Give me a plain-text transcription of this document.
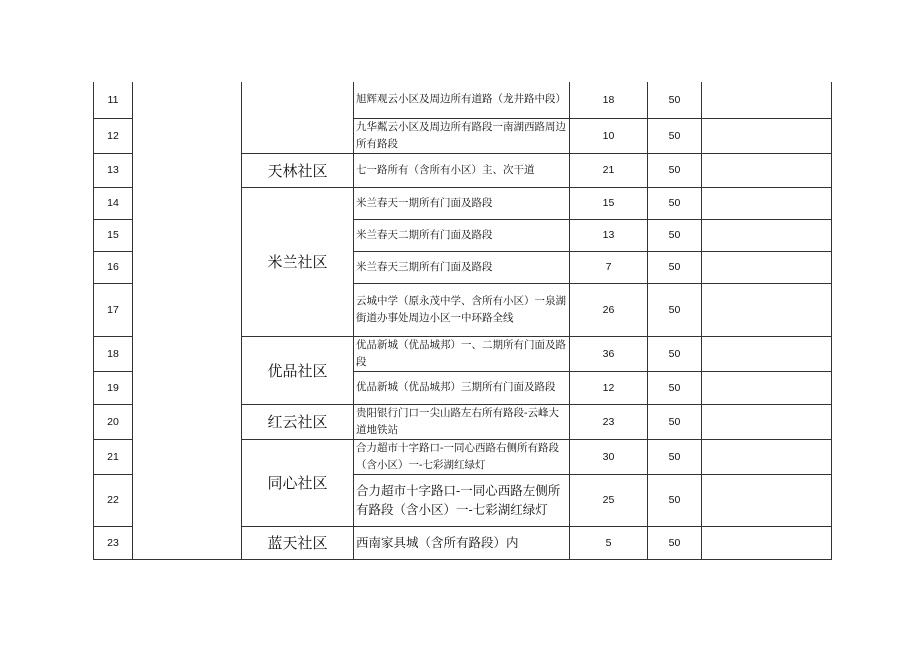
11			旭辉观云小区及周边所有道路（龙井路中段）	18	50	
12			九华粼云小区及周边所有路段一南湖西路周边所有路段	10	50	
13		天林社区	七一路所有（含所有小区）主、次干道	21	50	
14		米兰社区	米兰春天一期所有门面及路段	15	50	
15			米兰春天二期所有门面及路段	13	50	
16			米兰春天三期所有门面及路段	7	50	
17			云城中学（原永茂中学、含所有小区）一泉湖街道办事处周边小区一中环路全线	26	50	
18		优品社区	优品新城（优品城邦）一、二期所有门面及路段	36	50	
19			优品新城（优品城邦）三期所有门面及路段	12	50	
20		红云社区	贵阳银行门口一尖山路左右所有路段-云峰大道地铁站	23	50	
21		同心社区	合力超市十字路口-一同心西路右侧所有路段（含小区）一-七彩湖红绿灯	30	50	
22			合力超市十字路口-一同心西路左侧所有路段（含小区）一-七彩湖红绿灯	25	50	
23		蓝天社区	西南家具城（含所有路段）内	5	50	
